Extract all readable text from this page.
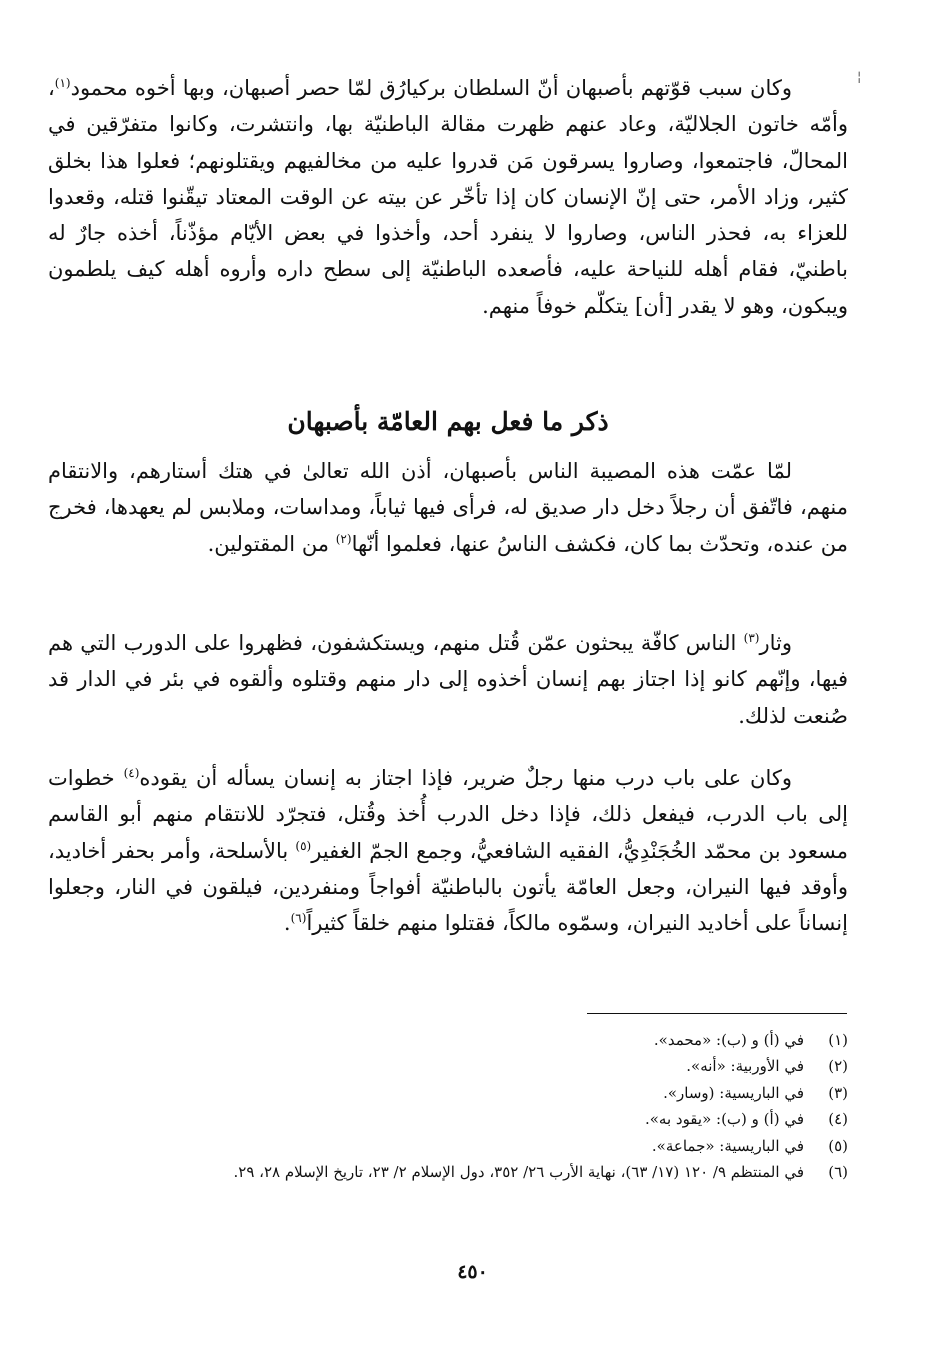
¦

وكان سبب قوّتهم بأصبهان أنّ السلطان بركيارُق لمّا حصر أصبهان، وبها أخوه محمود$^{(١)}$، وأمّه خاتون الجلاليّة، وعاد عنهم ظهرت مقالة الباطنيّة بها، وانتشرت، وكانوا متفرّقين في المحالّ، فاجتمعوا، وصاروا يسرقون مَن قدروا عليه من مخالفيهم ويقتلونهم؛ فعلوا هذا بخلق كثير، وزاد الأمر، حتى إنّ الإنسان كان إذا تأخّر عن بيته عن الوقت المعتاد تيقّنوا قتله، وقعدوا للعزاء به، فحذر الناس، وصاروا لا ينفرد أحد، وأخذوا في بعض الأيّام مؤذّناً، أخذه جارٌ له باطنيّ، فقام أهله للنياحة عليه، فأصعده الباطنيّة إلى سطح داره وأروه أهله كيف يلطمون ويبكون، وهو لا يقدر [أن] يتكلّم خوفاً منهم.

ذكر ما فعل بهم العامّة بأصبهان

لمّا عمّت هذه المصيبة الناس بأصبهان، أذن الله تعالىٰ في هتك أستارهم، والانتقام منهم، فاتّفق أن رجلاً دخل دار صديق له، فرأى فيها ثياباً، ومداسات، وملابس لم يعهدها، فخرج من عنده، وتحدّث بما كان، فكشف الناسُ عنها، فعلموا أنّها$^{(٢)}$ من المقتولين.

وثار$^{(٣)}$ الناس كافّة يبحثون عمّن قُتل منهم، ويستكشفون، فظهروا على الدورب التي هم فيها، وإنّهم كانو إذا اجتاز بهم إنسان أخذوه إلى دار منهم وقتلوه وألقوه في بئر في الدار قد صُنعت لذلك.

وكان على باب درب منها رجلٌ ضرير، فإذا اجتاز به إنسان يسأله أن يقوده$^{(٤)}$ خطوات إلى باب الدرب، فيفعل ذلك، فإذا دخل الدرب أُخذ وقُتل، فتجرّد للانتقام منهم أبو القاسم مسعود بن محمّد الخُجَنْدِيُّ، الفقيه الشافعيُّ، وجمع الجمّ الغفير$^{(٥)}$ بالأسلحة، وأمر بحفر أخاديد، وأوقد فيها النيران، وجعل العامّة يأتون بالباطنيّة أفواجاً ومنفردين، فيلقون في النار، وجعلوا إنساناً على أخاديد النيران، وسمّوه مالكاً، فقتلوا منهم خلقاً كثيراً$^{(٦)}$.

(١)
في (أ) و (ب): «محمد».
(٢)
في الأوربية: «أنه».
(٣)
في الباريسية: (وسار».
(٤)
في (أ) و (ب): «يقود به».
(٥)
في الباريسية: «جماعة».
(٦)
في المنتظم ٩/ ١٢٠ (١٧/ ٦٣)، نهاية الأرب ٢٦/ ٣٥٢، دول الإسلام ٢/ ٢٣، تاريخ الإسلام ٢٨، ٢٩.
٤٥٠
